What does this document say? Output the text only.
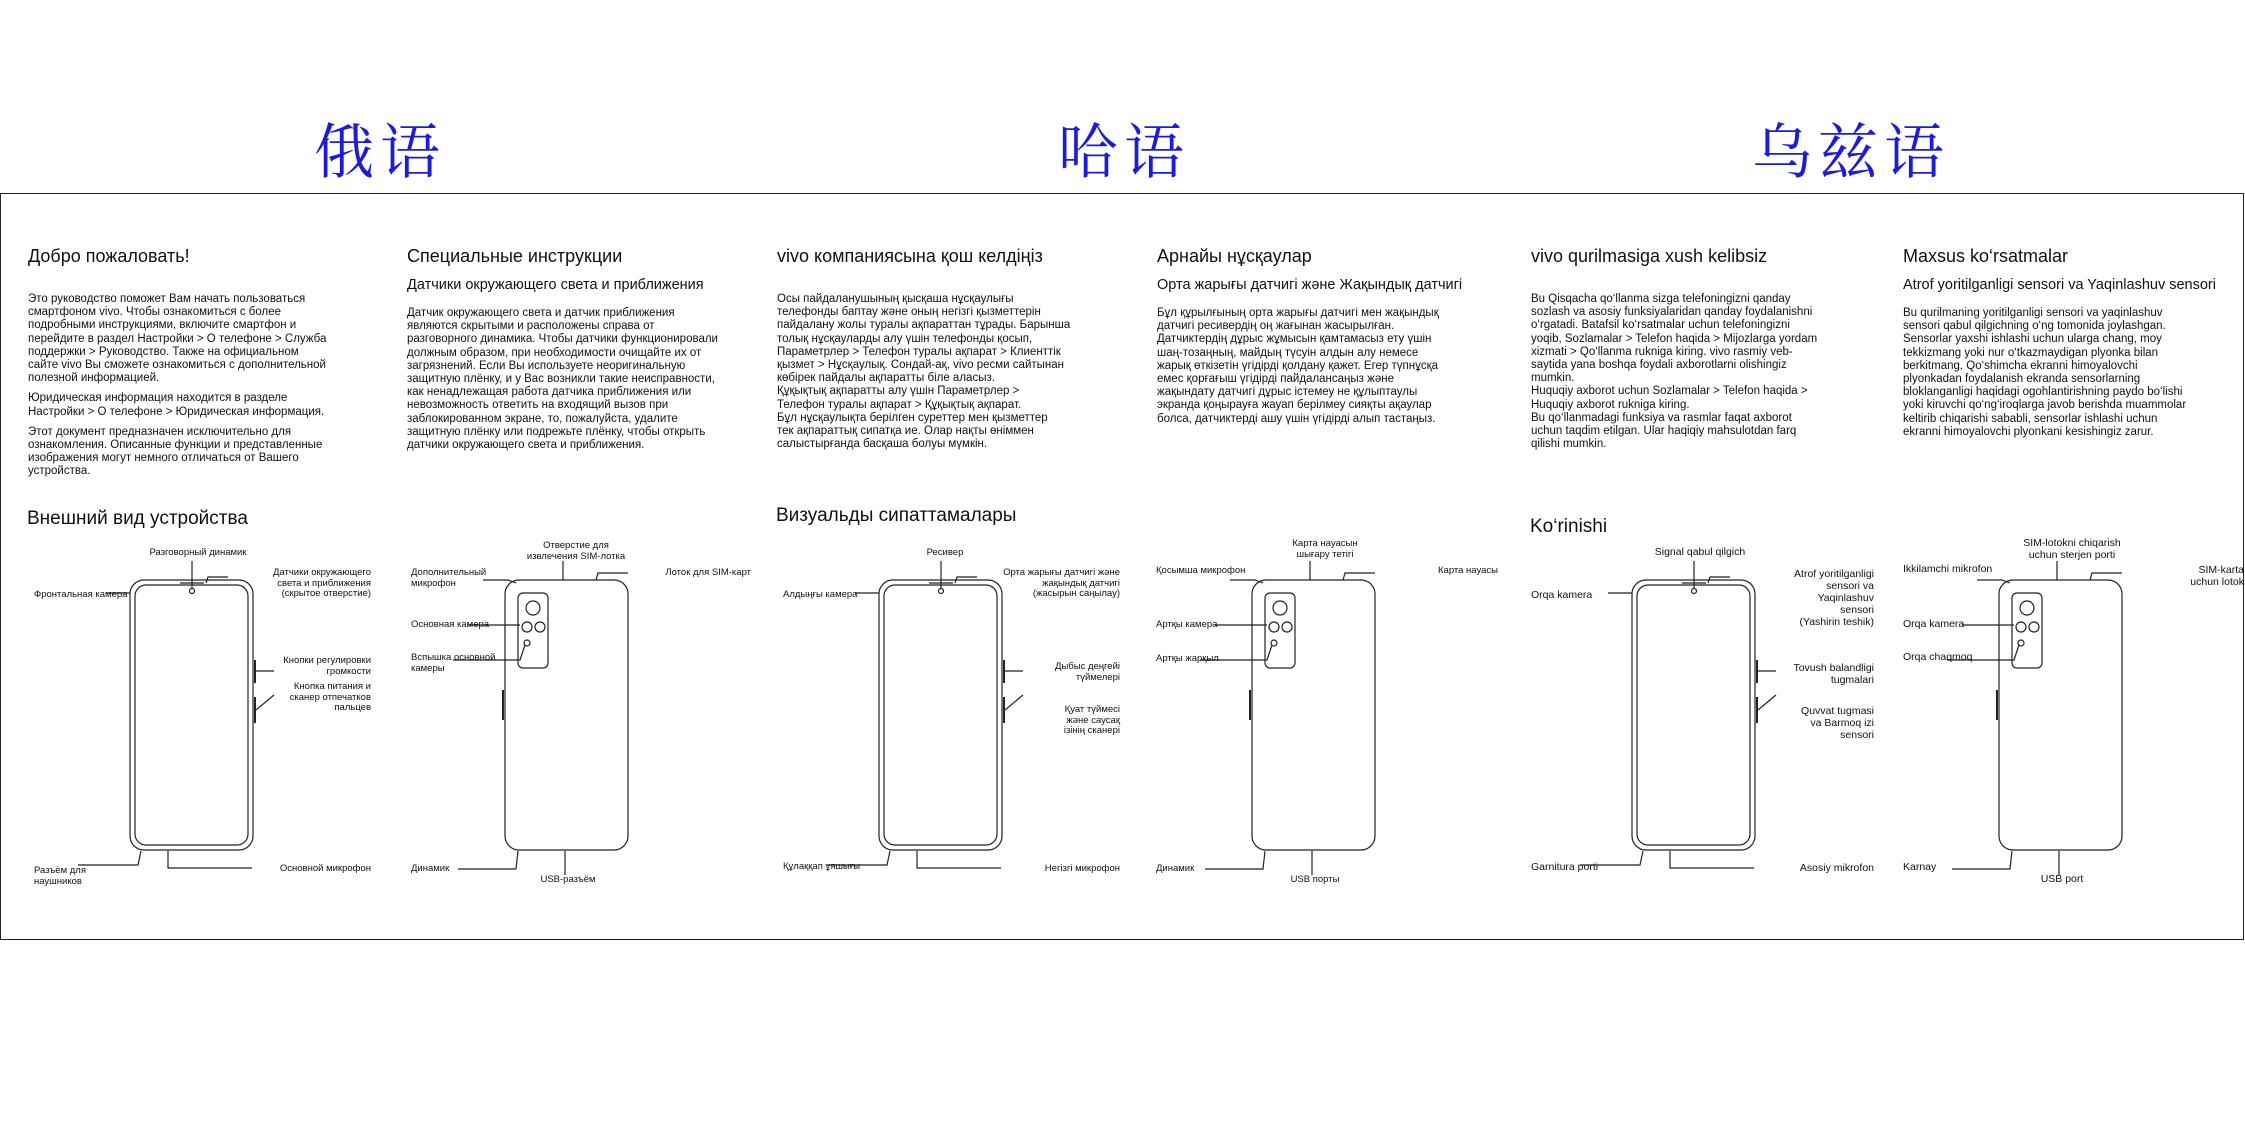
俄语	哈语	乌兹语
Добро пожаловать!
Это руководство поможет Вам начать пользоваться
смартфоном vivo. Чтобы ознакомиться с более
подробными инструкциями, включите смартфон и
перейдите в раздел Настройки > О телефоне > Служба
поддержки > Руководство. Также на официальном
сайте vivo Вы сможете ознакомиться с дополнительной
полезной информацией.
Юридическая информация находится в разделе
Настройки > О телефоне > Юридическая информация.
Этот документ предназначен исключительно для
ознакомления. Описанные функции и представленные
изображения могут немного отличаться от Вашего
устройства.
Специальные инструкции
Датчики окружающего света и приближения
Датчик окружающего света и датчик приближения
являются скрытыми и расположены справа от
разговорного динамика. Чтобы датчики функционировали
должным образом, при необходимости очищайте их от
загрязнений. Если Вы используете неоригинальную
защитную плёнку, и у Вас возникли такие неисправности,
как ненадлежащая работа датчика приближения или
невозможность ответить на входящий вызов при
заблокированном экране, то, пожалуйста, удалите
защитную плёнку или подрежьте плёнку, чтобы открыть
датчики окружающего света и приближения.
Внешний вид устройства
Разговорный динамик
Датчики окружающего
света и приближения
(скрытое отверстие)
Фронтальная камера
Кнопки регулировки
громкости
Кнопка питания и
сканер отпечатков
пальцев
Разъём для
наушников
Основной микрофон
Отверстие для
извлечения SIM-лотка
Дополнительный
микрофон
Лоток для SIM-карт
Основная камера
Вспышка основной
камеры
Динамик
USB-разъём
vivo компаниясына қош келдіңіз
Осы пайдаланушының қысқаша нұсқаулығы
телефонды баптау және оның негізгі қызметтерін
пайдалану жолы туралы ақпараттан тұрады. Барынша
толық нұсқауларды алу үшін телефонды қосып,
Параметрлер > Телефон туралы ақпарат > Клиенттік
қызмет > Нұсқаулық. Сондай-ақ, vivo ресми сайтынан
көбірек пайдалы ақпаратты біле аласыз.
Құқықтық ақпаратты алу үшін Параметрлер >
Телефон туралы ақпарат > Құқықтық ақпарат.
Бұл нұсқаулықта берілген суреттер мен қызметтер
тек ақпараттық сипатқа ие. Олар нақты өніммен
салыстырғанда басқаша болуы мүмкін.
Арнайы нұсқаулар
Орта жарығы датчигі және Жақындық датчигі
Бұл құрылғының орта жарығы датчигі мен жақындық
датчигі ресивердің оң жағынан жасырылған.
Датчиктердің дұрыс жұмысын қамтамасыз ету үшін
шаң-тозаңның, майдың түсуін алдын алу немесе
жарық өткізетін үгідірді қолдану қажет. Егер түпнұсқа
емес қорғағыш үгідірді пайдалансаңыз және
жақындату датчигі дұрыс істемеу не құлыптаулы
экранда қоңырауға жауап берілмеу сияқты ақаулар
болса, датчиктерді ашу үшін үгідірді алып тастаңыз.
Визуальды сипаттамалары
Ресивер
Орта жарығы датчигі және
жақындық датчигі
(жасырын саңылау)
Алдыңғы камера
Дыбыс деңгейі
түймелері
Қуат түймесі
және саусақ
ізінің сканері
Құлаққап ұяшығы	Негізгі микрофон
Карта науасын
шығару тетігі
Қосымша микрофон	Карта науасы
Артқы камера
Артқы жарқыл
Динамик
USB порты
vivo qurilmasiga xush kelibsiz
Bu Qisqacha qo‘llanma sizga telefoningizni qanday
sozlash va asosiy funksiyalaridan qanday foydalanishni
o‘rgatadi. Batafsil ko‘rsatmalar uchun telefoningizni
yoqib, Sozlamalar > Telefon haqida > Mijozlarga yordam
xizmati > Qo‘llanma rukniga kiring. vivo rasmiy veb-
saytida yana boshqa foydali axborotlarni olishingiz
mumkin.
Huquqiy axborot uchun Sozlamalar > Telefon haqida >
Huquqiy axborot rukniga kiring.
Bu qo‘llanmadagi funksiya va rasmlar faqat axborot
uchun taqdim etilgan. Ular haqiqiy mahsulotdan farq
qilishi mumkin.
Maxsus ko‘rsatmalar
Atrof yoritilganligi sensori va Yaqinlashuv sensori
Bu qurilmaning yoritilganligi sensori va yaqinlashuv
sensori qabul qilgichning o‘ng tomonida joylashgan.
Sensorlar yaxshi ishlashi uchun ularga chang, moy
tekkizmang yoki nur o‘tkazmaydigan plyonka bilan
berkitmang. Qo‘shimcha ekranni himoyalovchi
plyonkadan foydalanish ekranda sensorlarning
bloklanganligi haqidagi ogohlantirishning paydo bo‘lishi
yoki kiruvchi qo‘ng‘iroqlarga javob berishda muammolar
keltirib chiqarishi sababli, sensorlar ishlashi uchun
ekranni himoyalovchi plyonkani kesishingiz zarur.
Ko‘rinishi
Signal qabul qilgich
Atrof yoritilganligi
sensori va
Yaqinlashuv
sensori
(Yashirin teshik)
Orqa kamera
Tovush balandligi
tugmalari
Quvvat tugmasi
va Barmoq izi
sensori
Garnitura porti	Asosiy mikrofon
SIM-lotokni chiqarish
uchun sterjen porti
Ikkilamchi mikrofon	SIM-karta
uchun lotok
Orqa kamera
Orqa chaqmoq
Karnay
USB port
